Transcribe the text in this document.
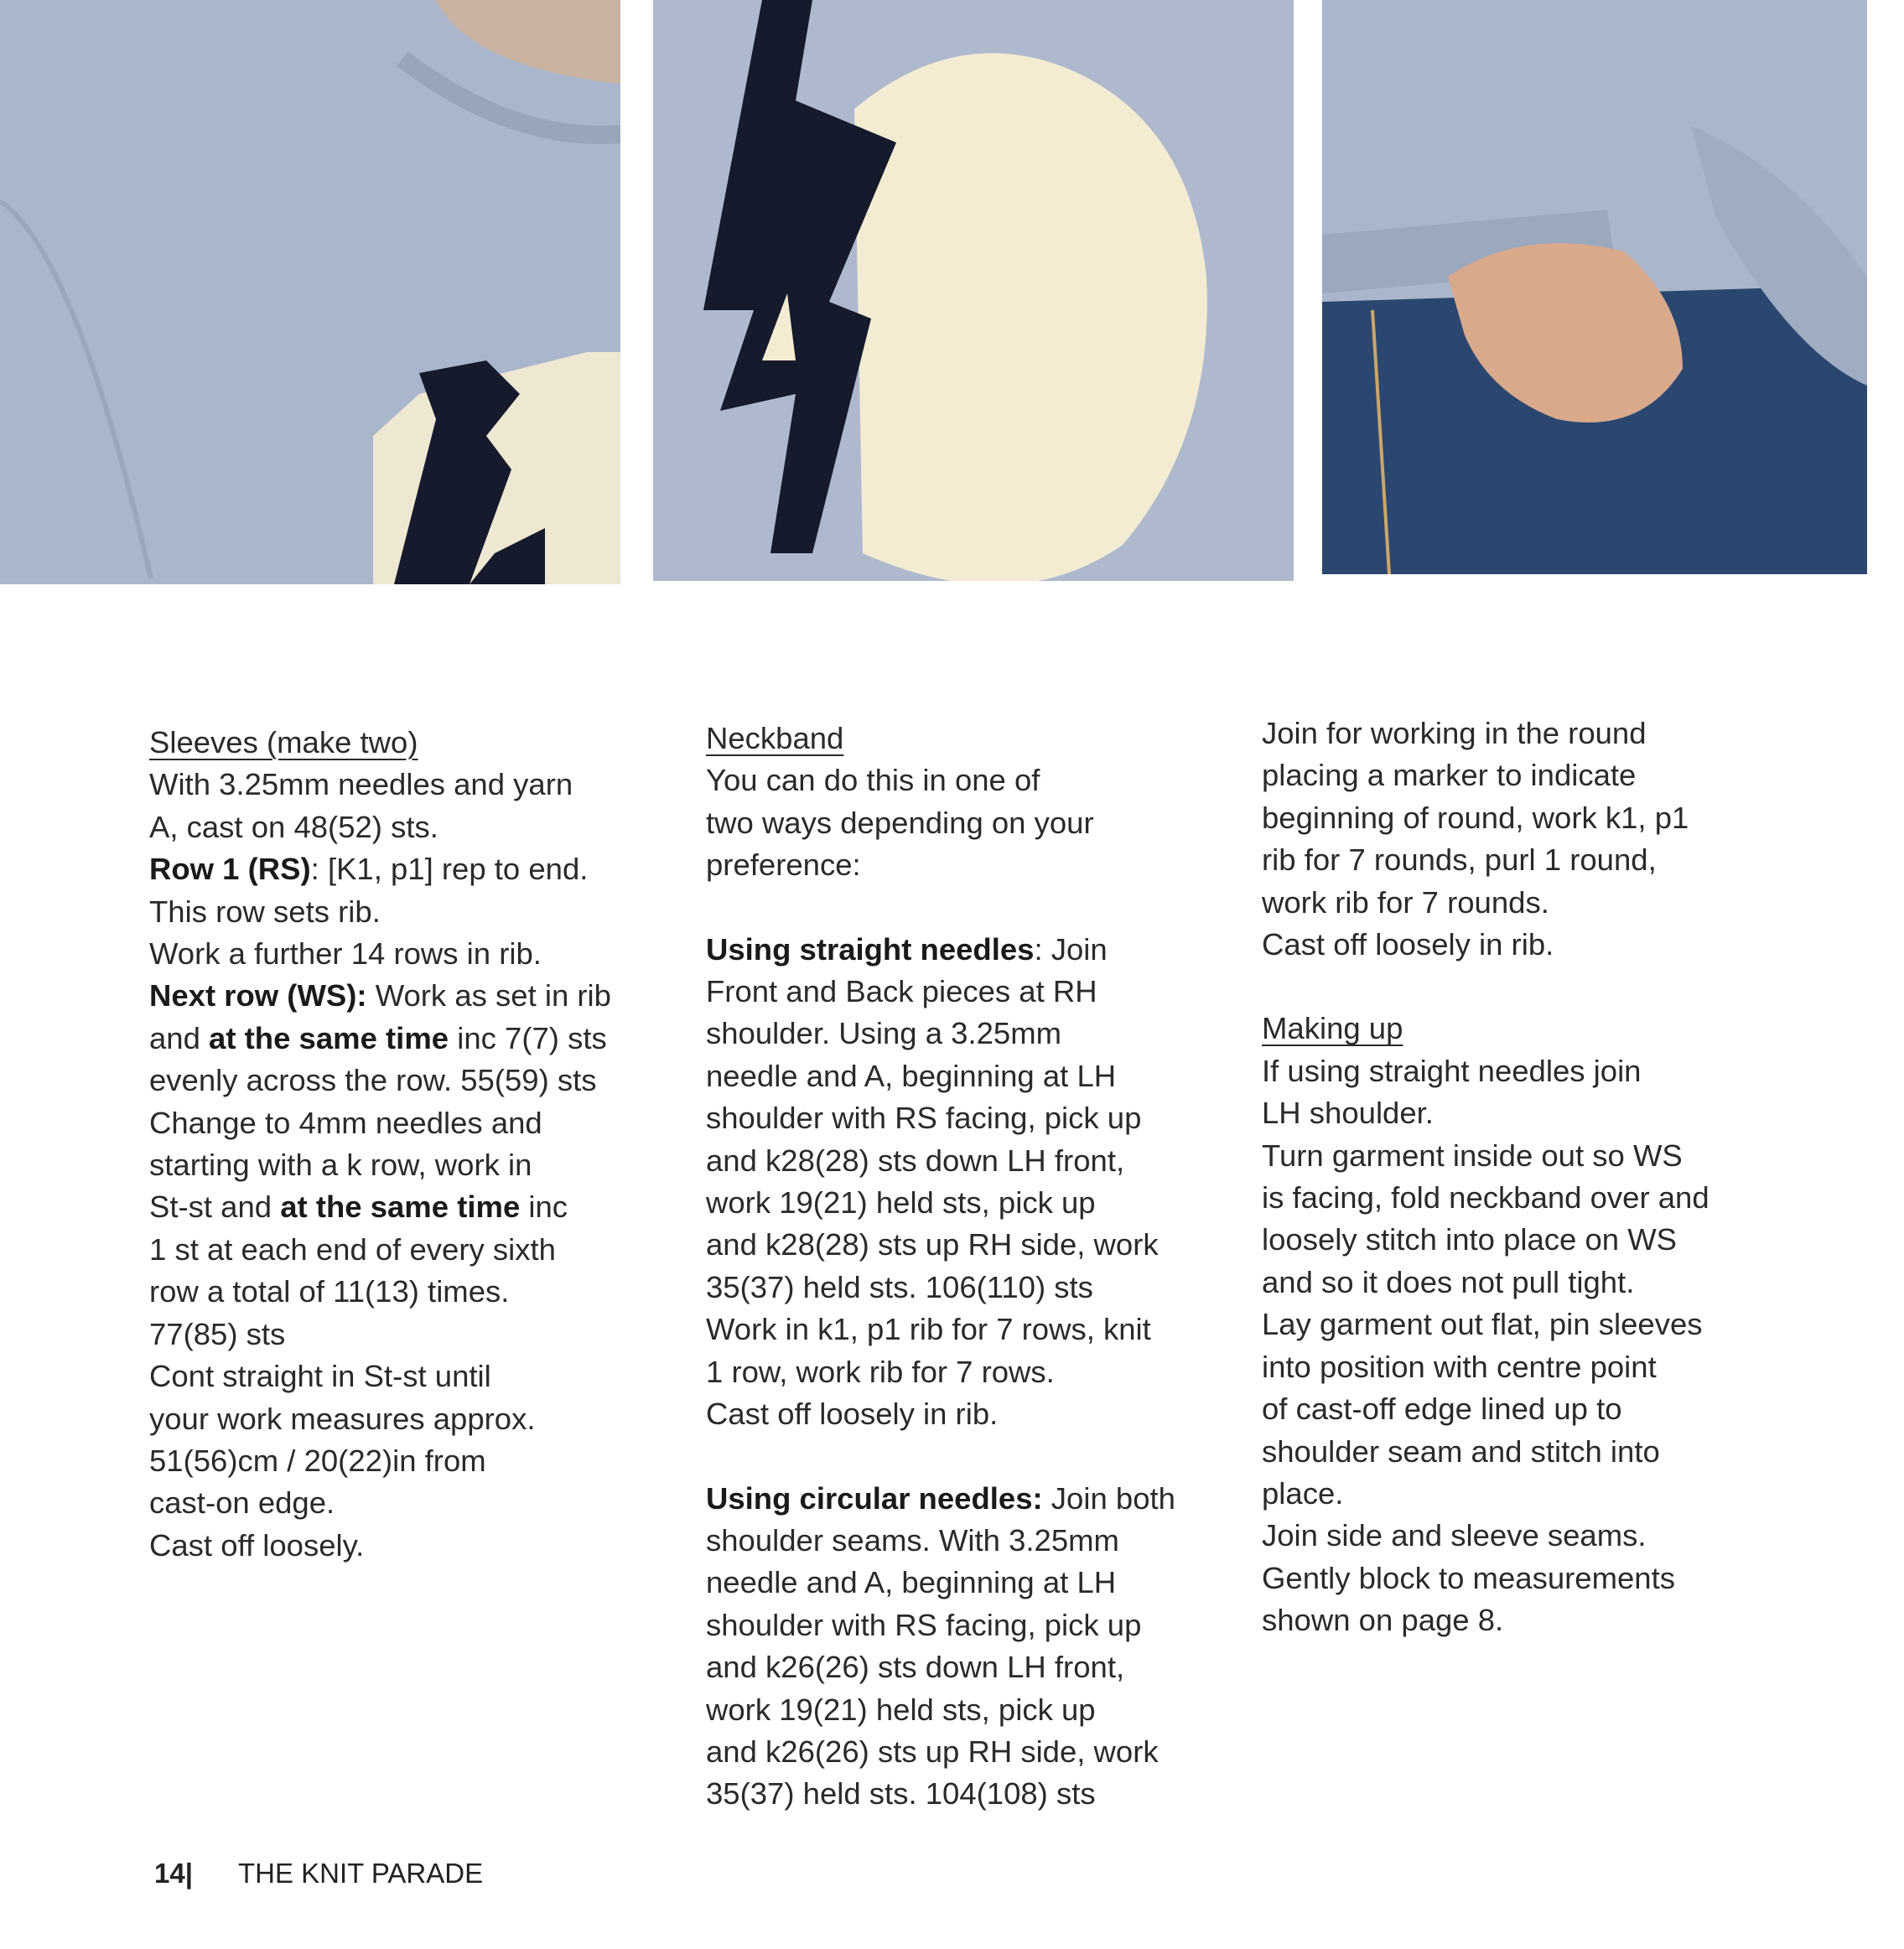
Sleeves (make two)

With 3.25mm needles and yarn

A, cast on 48(52) sts.

Row 1 (RS): [K1, p1] rep to end.

This row sets rib.

Work a further 14 rows in rib.

Next row (WS): Work as set in rib

and at the same time inc 7(7) sts

evenly across the row. 55(59) sts

Change to 4mm needles and

starting with a k row, work in

St-st and at the same time inc

1 st at each end of every sixth

row a total of 11(13) times.

77(85) sts

Cont straight in St-st until

your work measures approx.

51(56)cm / 20(22)in from

cast-on edge.

Cast off loosely.

Neckband

You can do this in one of

two ways depending on your

preference:

Using straight needles: Join

Front and Back pieces at RH

shoulder. Using a 3.25mm

needle and A, beginning at LH

shoulder with RS facing, pick up

and k28(28) sts down LH front,

work 19(21) held sts, pick up

and k28(28) sts up RH side, work

35(37) held sts. 106(110) sts

Work in k1, p1 rib for 7 rows, knit

1 row, work rib for 7 rows.

Cast off loosely in rib.

Using circular needles: Join both

shoulder seams. With 3.25mm

needle and A, beginning at LH

shoulder with RS facing, pick up

and k26(26) sts down LH front,

work 19(21) held sts, pick up

and k26(26) sts up RH side, work

35(37) held sts. 104(108) sts

Join for working in the round

placing a marker to indicate

beginning of round, work k1, p1

rib for 7 rounds, purl 1 round,

work rib for 7 rounds.

Cast off loosely in rib.

Making up

If using straight needles join

LH shoulder.

Turn garment inside out so WS

is facing, fold neckband over and

loosely stitch into place on WS

and so it does not pull tight.

Lay garment out flat, pin sleeves

into position with centre point

of cast-off edge lined up to

shoulder seam and stitch into

place.

Join side and sleeve seams.

Gently block to measurements

shown on page 8.

14| THE KNIT PARADE
